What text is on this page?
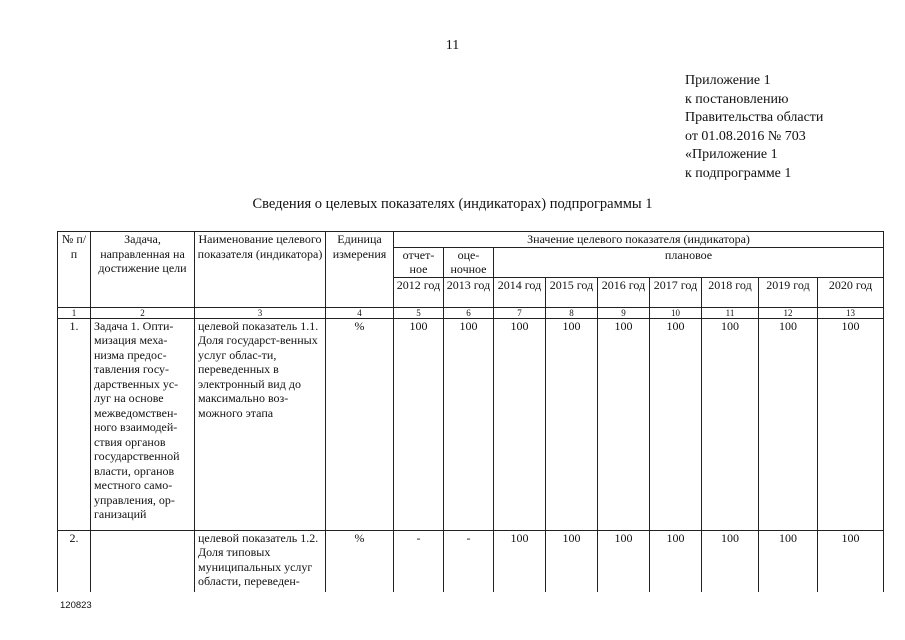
11
Приложение 1
к постановлению
Правительства области
от 01.08.2016 № 703
«Приложение 1
к подпрограмме 1
Сведения о целевых показателях (индикаторах) подпрограммы 1
№ п/п	Задача, направленная на достижение цели	Наименование целевого показателя (индикатора)	Единица измерения	Значение целевого показателя (индикатора)								
				отчет-ное	оце-ночное	плановое						
				2012 год	2013 год	2014 год	2015 год	2016 год	2017 год	2018 год	2019 год	2020 год
1	2	3	4	5	6	7	8	9	10	11	12	13
1.	Задача 1. Опти-мизация меха-низма предос-тавления госу-дарственных ус-луг на основе межведомствен-ного взаимодей-ствия органов государственной власти, органов местного само-управления, ор-ганизаций	целевой показатель 1.1. Доля государст-венных услуг облас-ти, переведенных в электронный вид до максимально воз-можного этапа	%	100	100	100	100	100	100	100	100	100
2.		целевой показатель 1.2. Доля типовых муниципальных услуг области, переведен-	%	-	-	100	100	100	100	100	100	100
120823
